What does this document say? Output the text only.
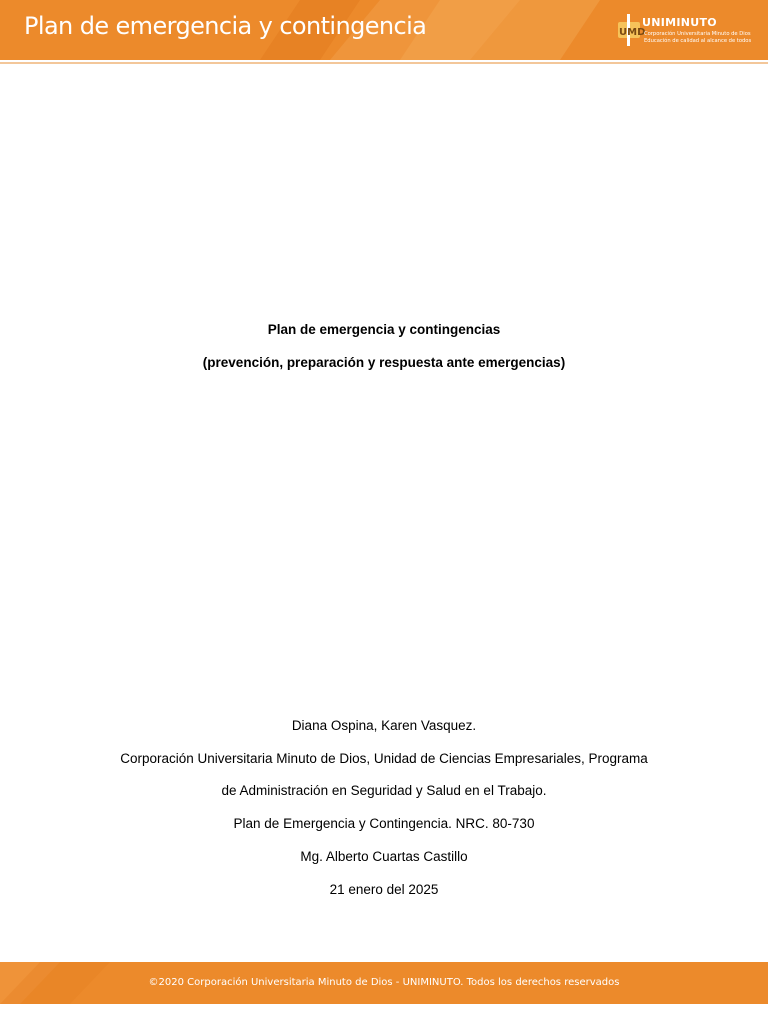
Plan de emergencia y contingencia	UMD
UNIMINUTO
Corporación Universitaria Minuto de Dios
Educación de calidad al alcance de todos
Plan de emergencia y contingencias
(prevención, preparación y respuesta ante emergencias)
Diana Ospina, Karen Vasquez.
Corporación Universitaria Minuto de Dios, Unidad de Ciencias Empresariales, Programa
de Administración en Seguridad y Salud en el Trabajo.
Plan de Emergencia y Contingencia. NRC. 80-730
Mg. Alberto Cuartas Castillo
21 enero del 2025
©2020 Corporación Universitaria Minuto de Dios - UNIMINUTO. Todos los derechos reservados
